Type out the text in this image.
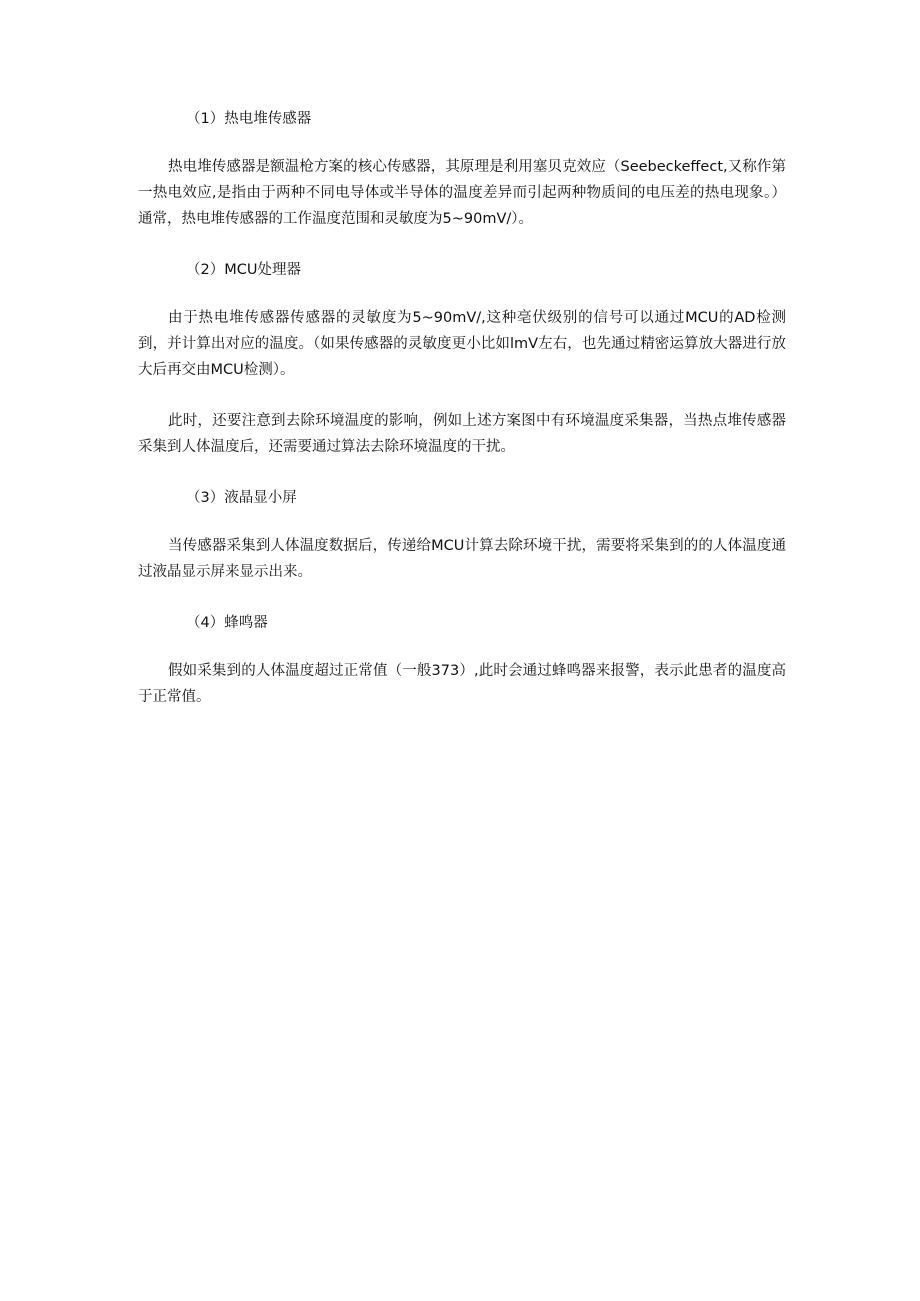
（1）热电堆传感器

热电堆传感器是额温枪方案的核心传感器，其原理是利用塞贝克效应（Seebeckeffect,又称作第一热电效应,是指由于两种不同电导体或半导体的温度差异而引起两种物质间的电压差的热电现象。）通常，热电堆传感器的工作温度范围和灵敏度为5~90mV/）。

（2）MCU处理器

由于热电堆传感器传感器的灵敏度为5~90mV/,这种亳伏级别的信号可以通过MCU的AD检测到，并计算出对应的温度。（如果传感器的灵敏度更小比如lmV左右，也先通过精密运算放大器进行放大后再交由MCU检测）。

此时，还要注意到去除环境温度的影响，例如上述方案图中有环境温度采集器，当热点堆传感器采集到人体温度后，还需要通过算法去除环境温度的干扰。

（3）液晶显小屏

当传感器采集到人体温度数据后，传递给MCU计算去除环境干扰，需要将采集到的的人体温度通过液晶显示屏来显示出来。

（4）蜂鸣器

假如采集到的人体温度超过正常值（一般373）,此时会通过蜂鸣器来报警，表示此患者的温度高于正常值。
